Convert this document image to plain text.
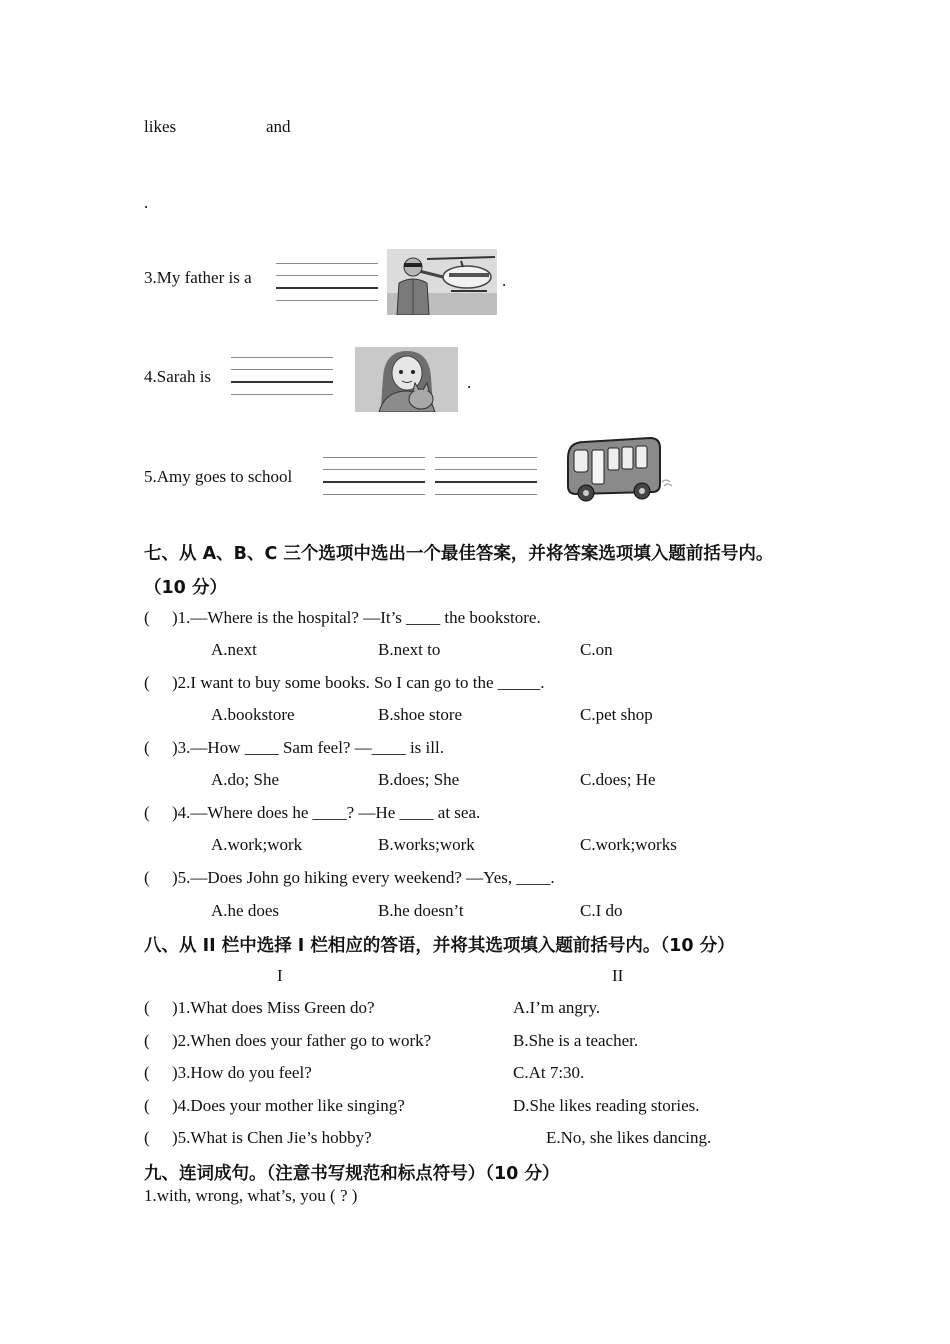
likes	and
.
3.My father is a	.
4.Sarah is	.
5.Amy goes to school
七、从 A、B、C 三个选项中选出一个最佳答案，并将答案选项填入题前括号内。
（10 分）
( )1.—Where is the hospital? —It’s ____ the bookstore.
A.next	B.next to	C.on
( )2.I want to buy some books. So I can go to the _____.
A.bookstore	B.shoe store	C.pet shop
( )3.—How ____ Sam feel? —____ is ill.
A.do; She	B.does; She	C.does; He
( )4.—Where does he ____? —He ____ at sea.
A.work;work	B.works;work	C.work;works
( )5.—Does John go hiking every weekend? —Yes, ____.
A.he does	B.he doesn’t	C.I do
八、从 II 栏中选择 I 栏相应的答语，并将其选项填入题前括号内。（10 分）
I	II
( )1.What does Miss Green do?	A.I’m angry.
( )2.When does your father go to work?	B.She is a teacher.
( )3.How do you feel?	C.At 7:30.
( )4.Does your mother like singing?	D.She likes reading stories.
( )5.What is Chen Jie’s hobby?	E.No, she likes dancing.
九、连词成句。（注意书写规范和标点符号）（10 分）
1.with, wrong, what’s, you ( ? )
